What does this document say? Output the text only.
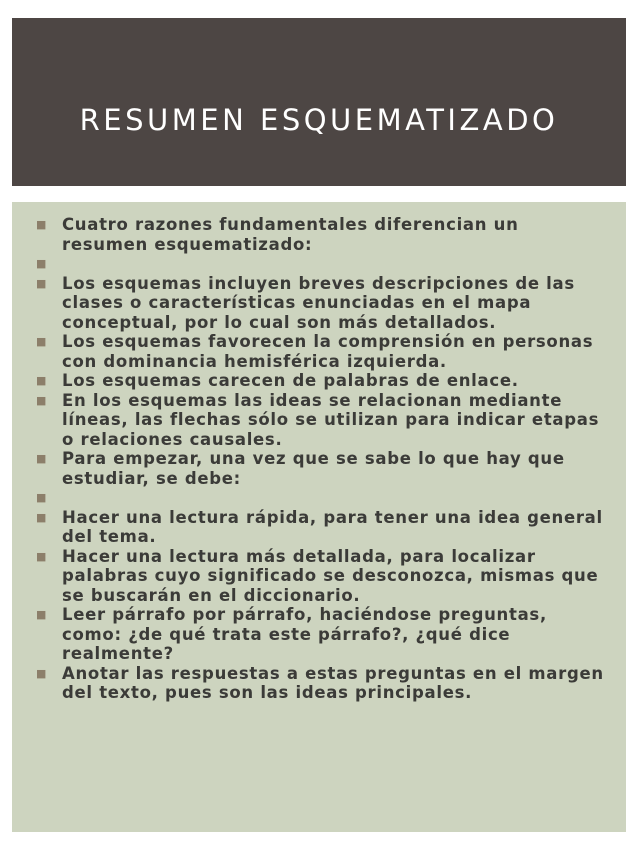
RESUMEN ESQUEMATIZADO
■ Cuatro razones fundamentales diferencian un resumen esquematizado:
■
■ Los esquemas incluyen breves descripciones de las clases o características enunciadas en el mapa conceptual, por lo cual son más detallados.
■ Los esquemas favorecen la comprensión en personas con dominancia hemisférica izquierda.
■ Los esquemas carecen de palabras de enlace.
■ En los esquemas las ideas se relacionan mediante líneas, las flechas sólo se utilizan para indicar etapas o relaciones causales.
■ Para empezar, una vez que se sabe lo que hay que estudiar, se debe:
■
■ Hacer una lectura rápida, para tener una idea general del tema.
■ Hacer una lectura más detallada, para localizar palabras cuyo significado se desconozca, mismas que se buscarán en el diccionario.
■ Leer párrafo por párrafo, haciéndose preguntas, como: ¿de qué trata este párrafo?, ¿qué dice realmente?
■ Anotar las respuestas a estas preguntas en el margen del texto, pues son las ideas principales.
